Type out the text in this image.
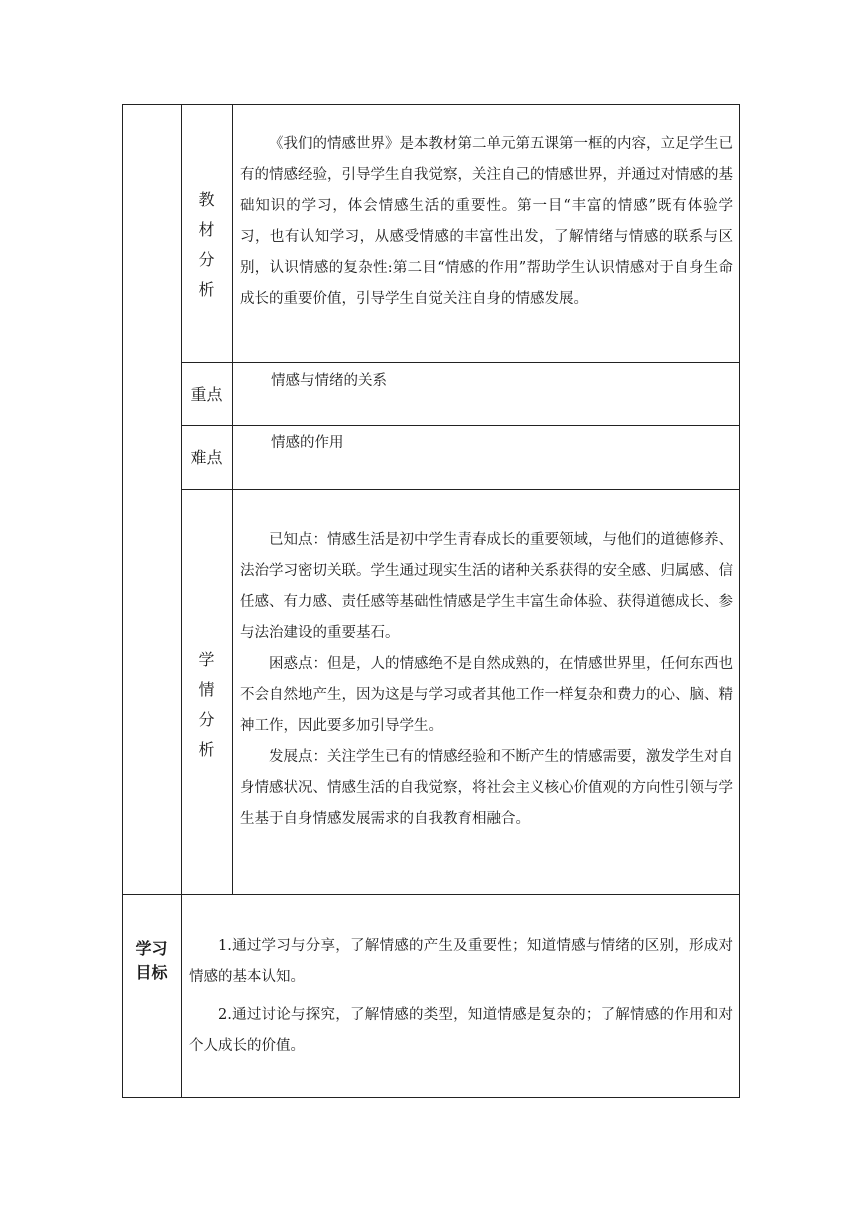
教
材
分
析

《我们的情感世界》是本教材第二单元第五课第一框的内容，立足学生已有的情感经验，引导学生自我觉察，关注自己的情感世界，并通过对情感的基础知识的学习，体会情感生活的重要性。第一目“丰富的情感”既有体验学习，也有认知学习，从感受情感的丰富性出发，了解情绪与情感的联系与区别，认识情感的复杂性:第二目“情感的作用”帮助学生认识情感对于自身生命成长的重要价值，引导学生自觉关注自身的情感发展。

重点
情感与情绪的关系
难点
情感的作用
学
情
分
析

已知点：情感生活是初中学生青春成长的重要领域，与他们的道德修养、法治学习密切关联。学生通过现实生活的诸种关系获得的安全感、归属感、信任感、有力感、责任感等基础性情感是学生丰富生命体验、获得道德成长、参与法治建设的重要基石。

困惑点：但是，人的情感绝不是自然成熟的，在情感世界里，任何东西也不会自然地产生，因为这是与学习或者其他工作一样复杂和费力的心、脑、精神工作，因此要多加引导学生。

发展点：关注学生已有的情感经验和不断产生的情感需要，激发学生对自身情感状况、情感生活的自我觉察，将社会主义核心价值观的方向性引领与学生基于自身情感发展需求的自我教育相融合。

学习
目标

1.通过学习与分享，了解情感的产生及重要性；知道情感与情绪的区别，形成对情感的基本认知。

2.通过讨论与探究，了解情感的类型，知道情感是复杂的；了解情感的作用和对个人成长的价值。
